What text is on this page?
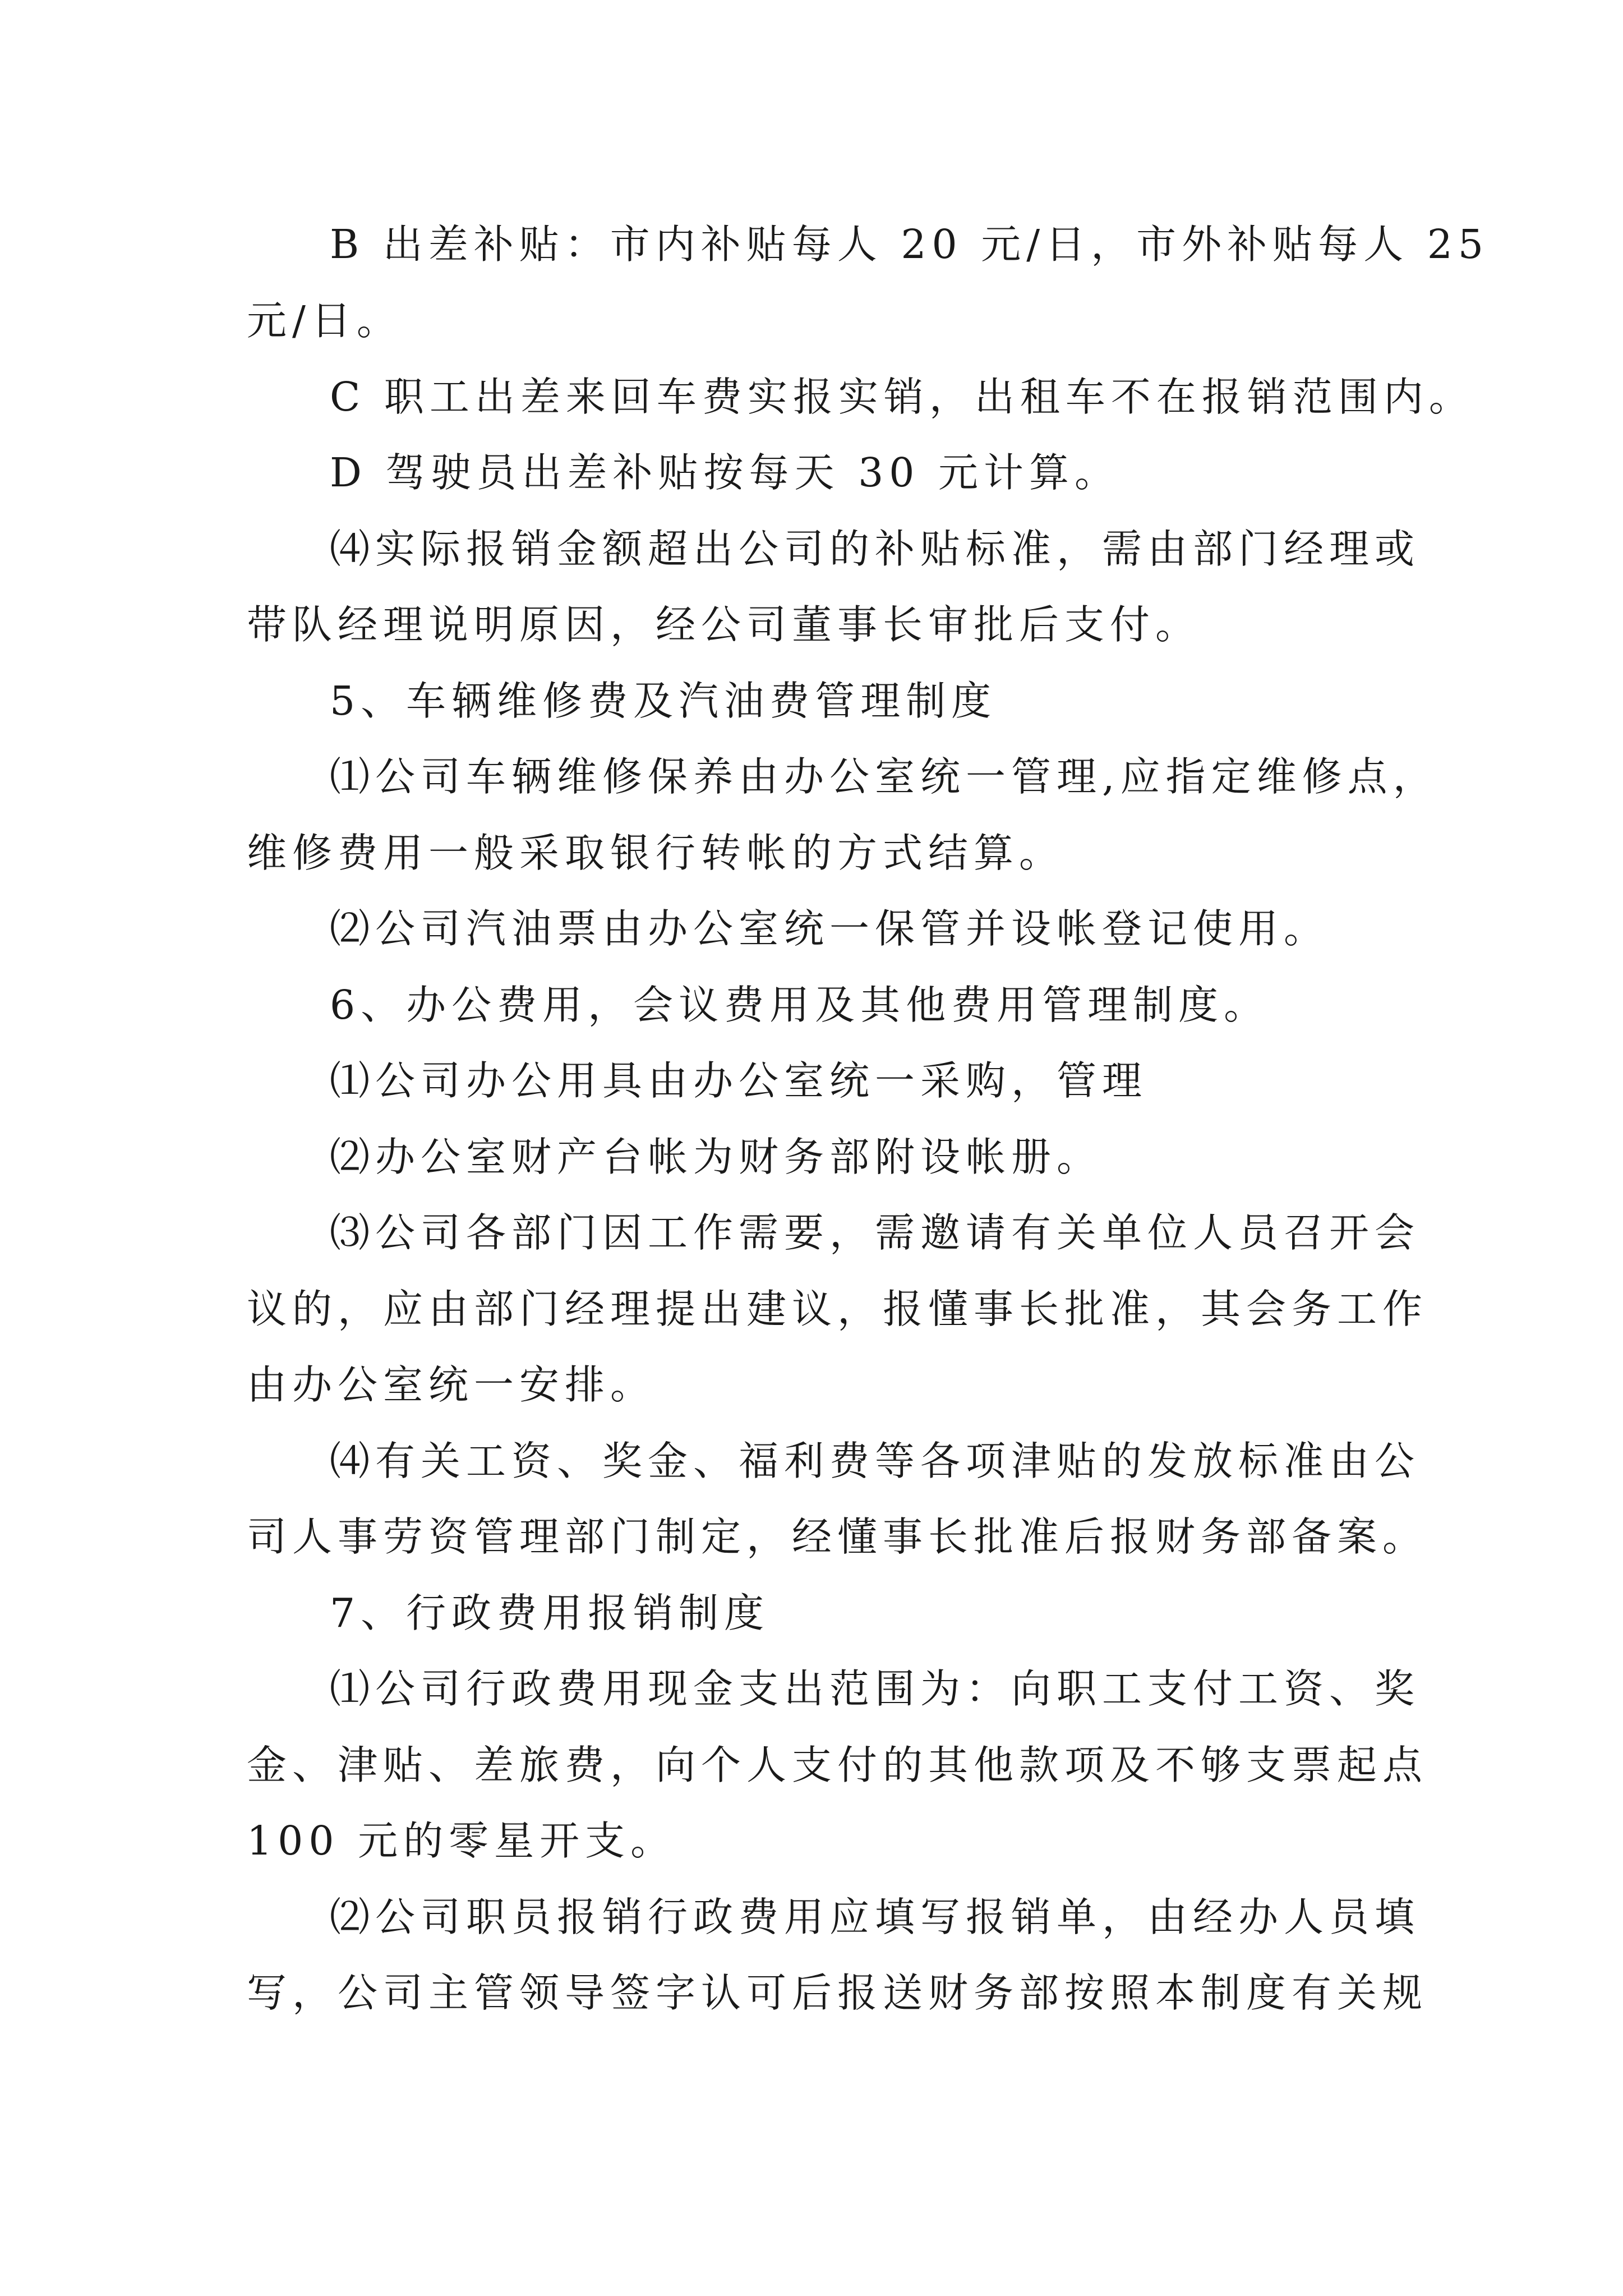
B 出差补贴：市内补贴每人 20 元/日，市外补贴每人 25
元/日。
C 职工出差来回车费实报实销，出租车不在报销范围内。
D 驾驶员出差补贴按每天 30 元计算。
⑷实际报销金额超出公司的补贴标准，需由部门经理或
带队经理说明原因，经公司董事长审批后支付。
5、车辆维修费及汽油费管理制度
⑴公司车辆维修保养由办公室统一管理,应指定维修点，
维修费用一般采取银行转帐的方式结算。
⑵公司汽油票由办公室统一保管并设帐登记使用。
6、办公费用，会议费用及其他费用管理制度。
⑴公司办公用具由办公室统一采购，管理
⑵办公室财产台帐为财务部附设帐册。
⑶公司各部门因工作需要，需邀请有关单位人员召开会
议的，应由部门经理提出建议，报懂事长批准，其会务工作
由办公室统一安排。
⑷有关工资、奖金、福利费等各项津贴的发放标准由公
司人事劳资管理部门制定，经懂事长批准后报财务部备案。
7、行政费用报销制度
⑴公司行政费用现金支出范围为：向职工支付工资、奖
金、津贴、差旅费，向个人支付的其他款项及不够支票起点
100 元的零星开支。
⑵公司职员报销行政费用应填写报销单，由经办人员填
写，公司主管领导签字认可后报送财务部按照本制度有关规
